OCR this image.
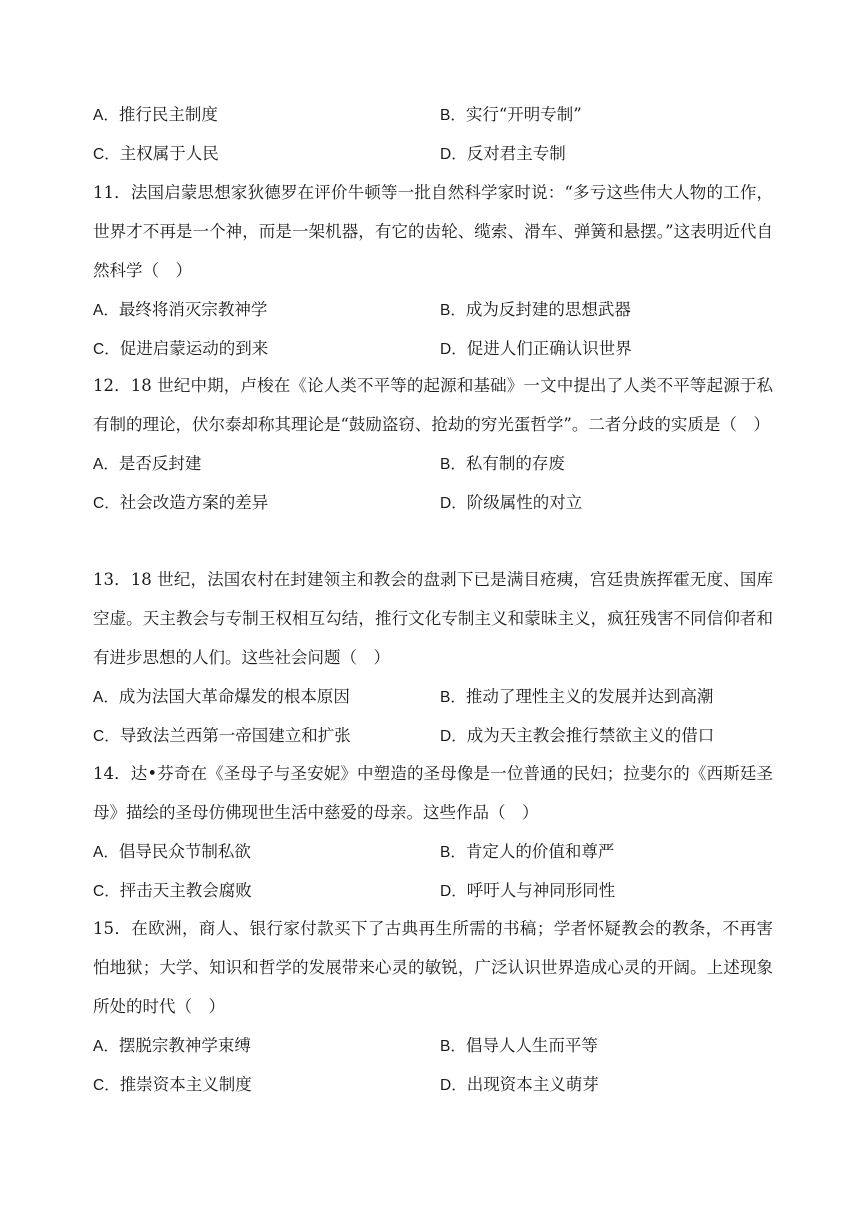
A．推行民主制度	B．实行“开明专制”
C．主权属于人民	D．反对君主专制

11．法国启蒙思想家狄德罗在评价牛顿等一批自然科学家时说：“多亏这些伟大人物的工作，世界才不再是一个神，而是一架机器，有它的齿轮、缆索、滑车、弹簧和悬摆。”这表明近代自然科学（　）

A．最终将消灭宗教神学	B．成为反封建的思想武器
C．促进启蒙运动的到来	D．促进人们正确认识世界

12．18 世纪中期，卢梭在《论人类不平等的起源和基础》一文中提出了人类不平等起源于私有制的理论，伏尔泰却称其理论是“鼓励盗窃、抢劫的穷光蛋哲学”。二者分歧的实质是（　）

A．是否反封建	B．私有制的存废
C．社会改造方案的差异	D．阶级属性的对立

13．18 世纪，法国农村在封建领主和教会的盘剥下已是满目疮痍，宫廷贵族挥霍无度、国库空虚。天主教会与专制王权相互勾结，推行文化专制主义和蒙昧主义，疯狂残害不同信仰者和有进步思想的人们。这些社会问题（　）

A．成为法国大革命爆发的根本原因	B．推动了理性主义的发展并达到高潮
C．导致法兰西第一帝国建立和扩张	D．成为天主教会推行禁欲主义的借口

14．达•芬奇在《圣母子与圣安妮》中塑造的圣母像是一位普通的民妇；拉斐尔的《西斯廷圣母》描绘的圣母仿佛现世生活中慈爱的母亲。这些作品（　）

A．倡导民众节制私欲	B．肯定人的价值和尊严
C．抨击天主教会腐败	D．呼吁人与神同形同性

15．在欧洲，商人、银行家付款买下了古典再生所需的书稿；学者怀疑教会的教条，不再害怕地狱；大学、知识和哲学的发展带来心灵的敏锐，广泛认识世界造成心灵的开阔。上述现象所处的时代（　）

A．摆脱宗教神学束缚	B．倡导人人生而平等
C．推崇资本主义制度	D．出现资本主义萌芽
